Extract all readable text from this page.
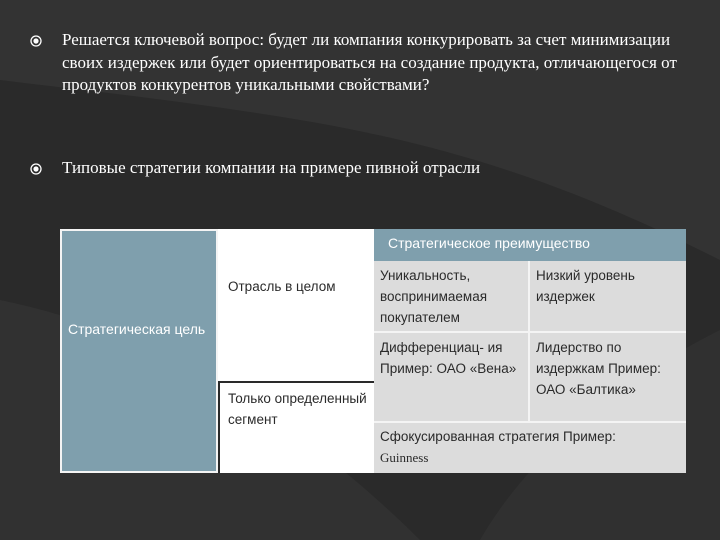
Решается ключевой вопрос: будет ли компания конкурировать за счет минимизации своих издержек или будет ориентироваться на создание продукта, отличающегося от продуктов конкурентов уникальными свойствами?
Типовые стратегии компании на примере пивной отрасли
Стратегическая цель
Отрасль в целом
Стратегическое преимущество
Уникальность, воспринимаемая покупателем
Низкий уровень издержек
Дифференциац- ия Пример: ОАО «Вена»
Лидерство по издержкам Пример: ОАО «Балтика»
Только определенный сегмент
Сфокусированная стратегия Пример:
Guinness
